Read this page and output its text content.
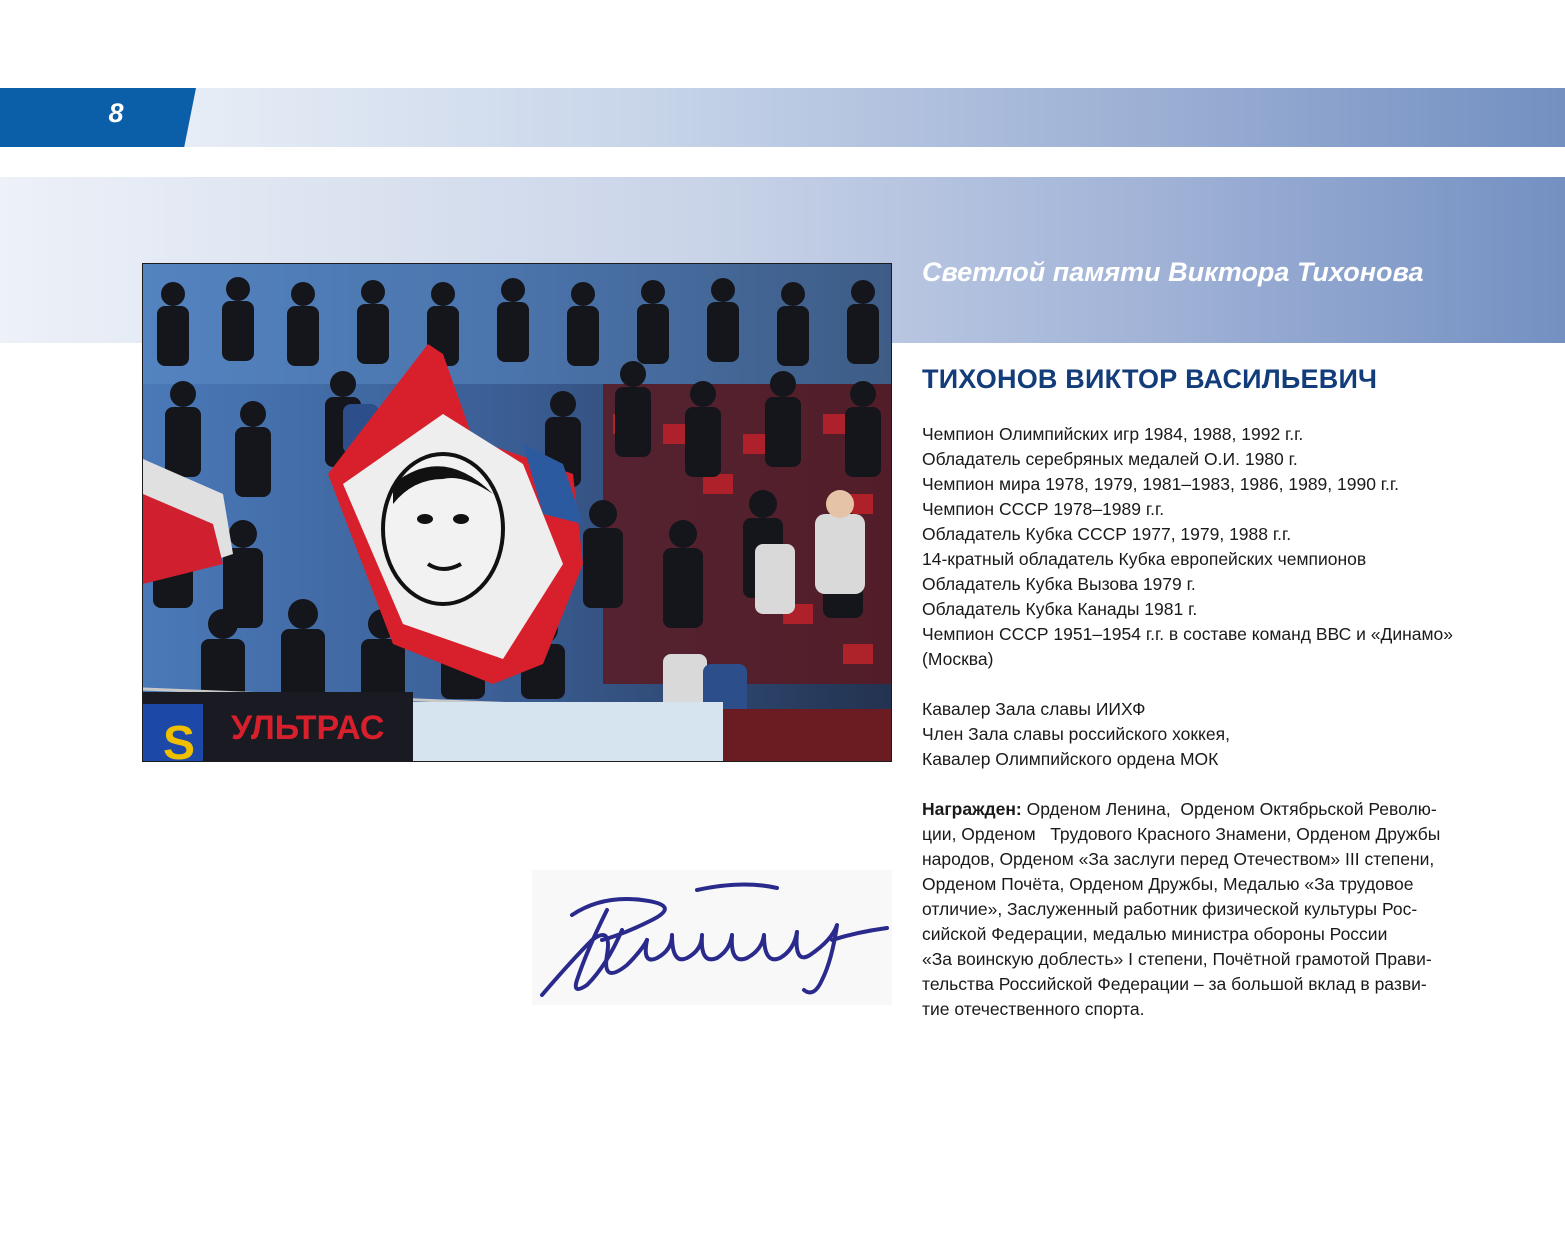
8
Светлой памяти Виктора Тихонова
S УЛЬТРАС
ТИХОНОВ ВИКТОР ВАСИЛЬЕВИЧ
Чемпион Олимпийских игр 1984, 1988, 1992 г.г.
Обладатель серебряных медалей О.И. 1980 г.
Чемпион мира 1978, 1979, 1981–1983, 1986, 1989, 1990 г.г.
Чемпион СССР 1978–1989 г.г.
Обладатель Кубка СССР 1977, 1979, 1988 г.г.
14-кратный обладатель Кубка европейских чемпионов
Обладатель Кубка Вызова 1979 г.
Обладатель Кубка Канады 1981 г.
Чемпион СССР 1951–1954 г.г. в составе команд ВВС и «Динамо»
(Москва)
Кавалер Зала славы ИИХФ
Член Зала славы российского хоккея,
Кавалер Олимпийского ордена МОК
Награжден: Орденом Ленина,  Орденом Октябрьской Револю-
ции, Орденом   Трудового Красного Знамени, Орденом Дружбы
народов, Орденом «За заслуги перед Отечеством» III степени,
Орденом Почёта, Орденом Дружбы, Медалью «За трудовое
отличие», Заслуженный работник физической культуры Рос-
сийской Федерации, медалью министра обороны России
«За воинскую доблесть» I степени, Почётной грамотой Прави-
тельства Российской Федерации – за большой вклад в разви-
тие отечественного спорта.
